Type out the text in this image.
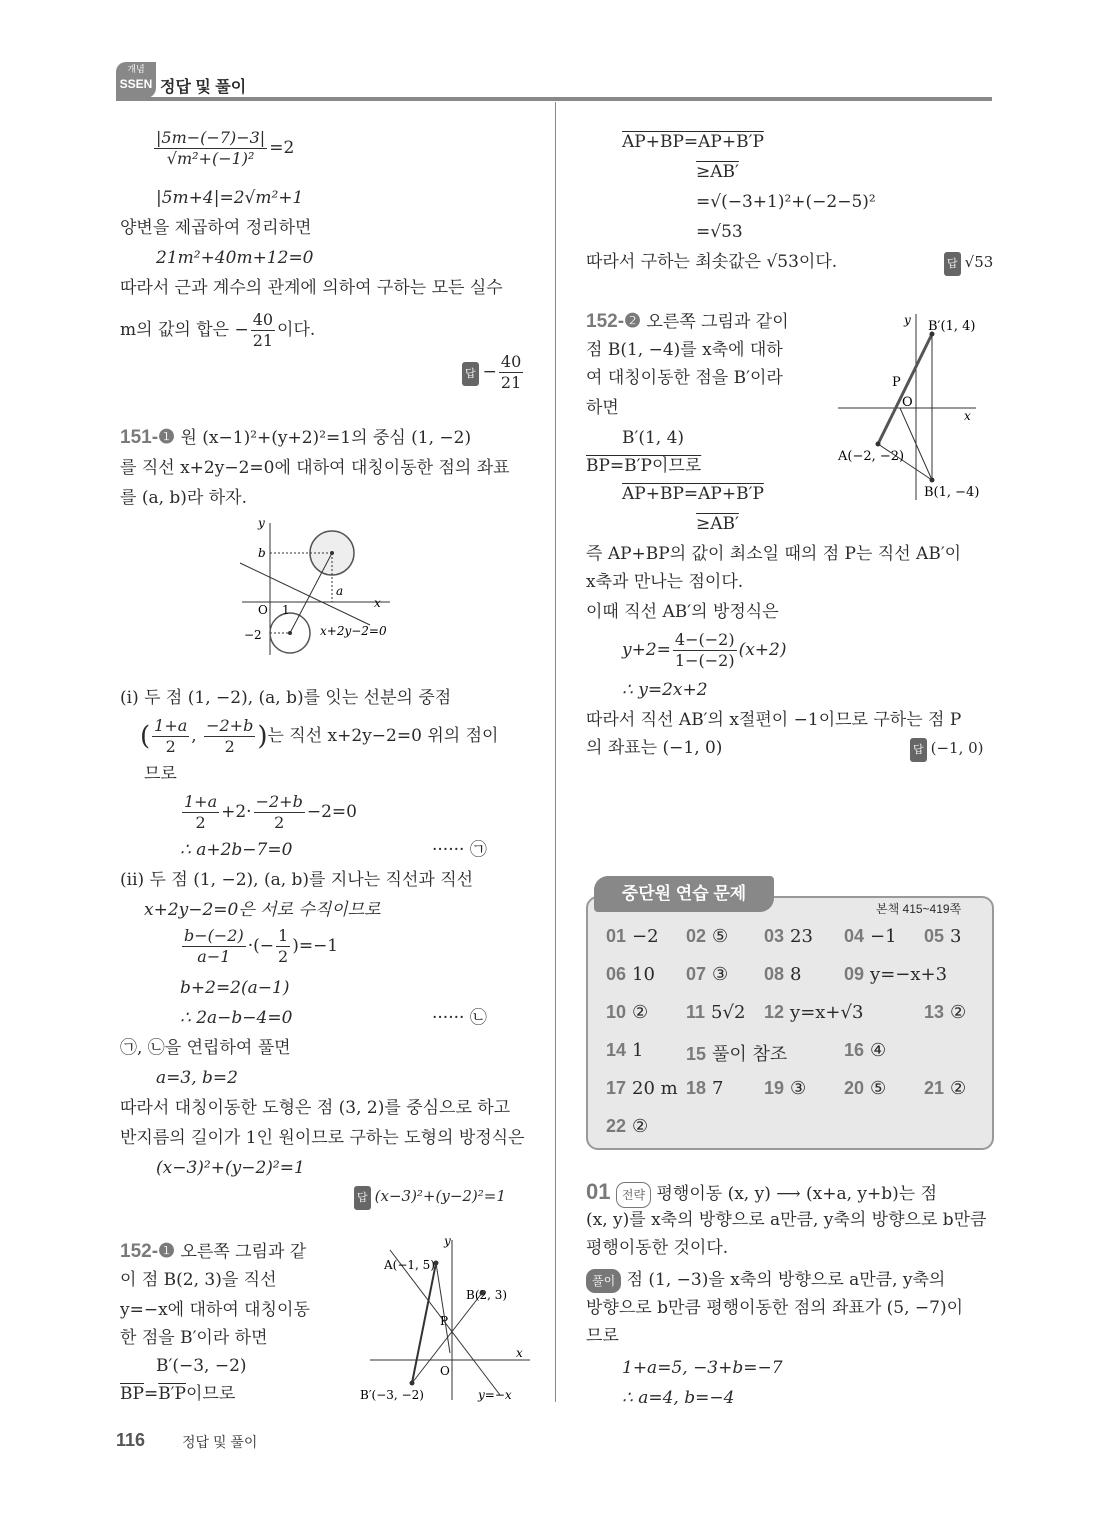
개념
SSEN 정답 및 풀이
$\frac{|5m-(-7)-3|}{\text{√m²+(−1)²}} =2$
|5m+4|=2√m²+1
양변을 제곱하여 정리하면
21m²+40m+12=0
따라서 근과 계수의 관계에 의하여 구하는 모든 실수
m의 값의 합은 − $\frac{40}{21}$ 이다.
답 − $\frac{40}{21}$
151-❶ 원 (x−1)²+(y+2)²=1의 중심 (1, −2)
를 직선 x+2y−2=0에 대하여 대칭이동한 점의 좌표
를 (a, b)라 하자.
y
x
b
O 1
a
−2	x+2y−2=0
(i) 두 점 (1, −2), (a, b)를 잇는 선분의 중점
( $\frac{1+a}{2}$ , $\frac{-2+b}{2}$ )는 직선 x+2y−2=0 위의 점이
므로
$\frac{1+a}{2} +2\cdot \frac{-2+b}{2} -2=0$
∴ a+2b−7=0	······ ㉠
(ii) 두 점 (1, −2), (a, b)를 지나는 직선과 직선
x+2y−2=0은 서로 수직이므로
$\frac{b-(-2)}{a-1}$ ·(− $\frac{1}{2} )=-1$
b+2=2(a−1)
∴ 2a−b−4=0	······ ㉡
㉠, ㉡을 연립하여 풀면
a=3, b=2
따라서 대칭이동한 도형은 점 (3, 2)를 중심으로 하고
반지름의 길이가 1인 원이므로 구하는 도형의 방정식은
(x−3)²+(y−2)²=1
답 (x−3)²+(y−2)²=1
152-❶ 오른쪽 그림과 같
이 점 B(2, 3)을 직선
y=−x에 대하여 대칭이동
한 점을 B′이라 하면
B′(−3, −2)
$\overline{BP}=B'P$이므로
y
x
A(−1, 5)
B(2, 3)
B′(−3, −2)
P
O
y=−x
116	정답 및 풀이
AP+BP=AP+B′P
≥AB′
=√(−3+1)²+(−2−5)²
=√53
따라서 구하는 최솟값은 √53이다.	답 √53
152-❷ 오른쪽 그림과 같이
점 B(1, −4)를 x축에 대하
여 대칭이동한 점을 B′이라
하면
B′(1, 4)
BP=B′P이므로
AP+BP=AP+B′P
≥AB′
즉 AP+BP의 값이 최소일 때의 점 P는 직선 AB′이
x축과 만나는 점이다.
이때 직선 AB′의 방정식은
$y+2= \frac{4-(-2)}{1-(-2)} (x+2)$
∴ y=2x+2
따라서 직선 AB′의 x절편이 −1이므로 구하는 점 P
의 좌표는 (−1, 0)	답 (−1, 0)
y
x
B′(1, 4)
B(1, −4)
A(−2, −2)
P
O
중단원 연습 문제
본책 415~419쪽
01 −2 02 ⑤ 03 23 04 −1 05 3
06 10 07 ③ 08 8 09 y=−x+3
10 ② 11 5√2 12 y=x+√3	13 ②
14 1 15 풀이 참조	16 ④
17 20 m 18 7 19 ③ 20 ⑤ 21 ②
22 ②
01 전략 평행이동 (x, y) ⟶ (x+a, y+b)는 점
(x, y)를 x축의 방향으로 a만큼, y축의 방향으로 b만큼
평행이동한 것이다.
풀이 점 (1, −3)을 x축의 방향으로 a만큼, y축의
방향으로 b만큼 평행이동한 점의 좌표가 (5, −7)이
므로
1+a=5, −3+b=−7
∴ a=4, b=−4
